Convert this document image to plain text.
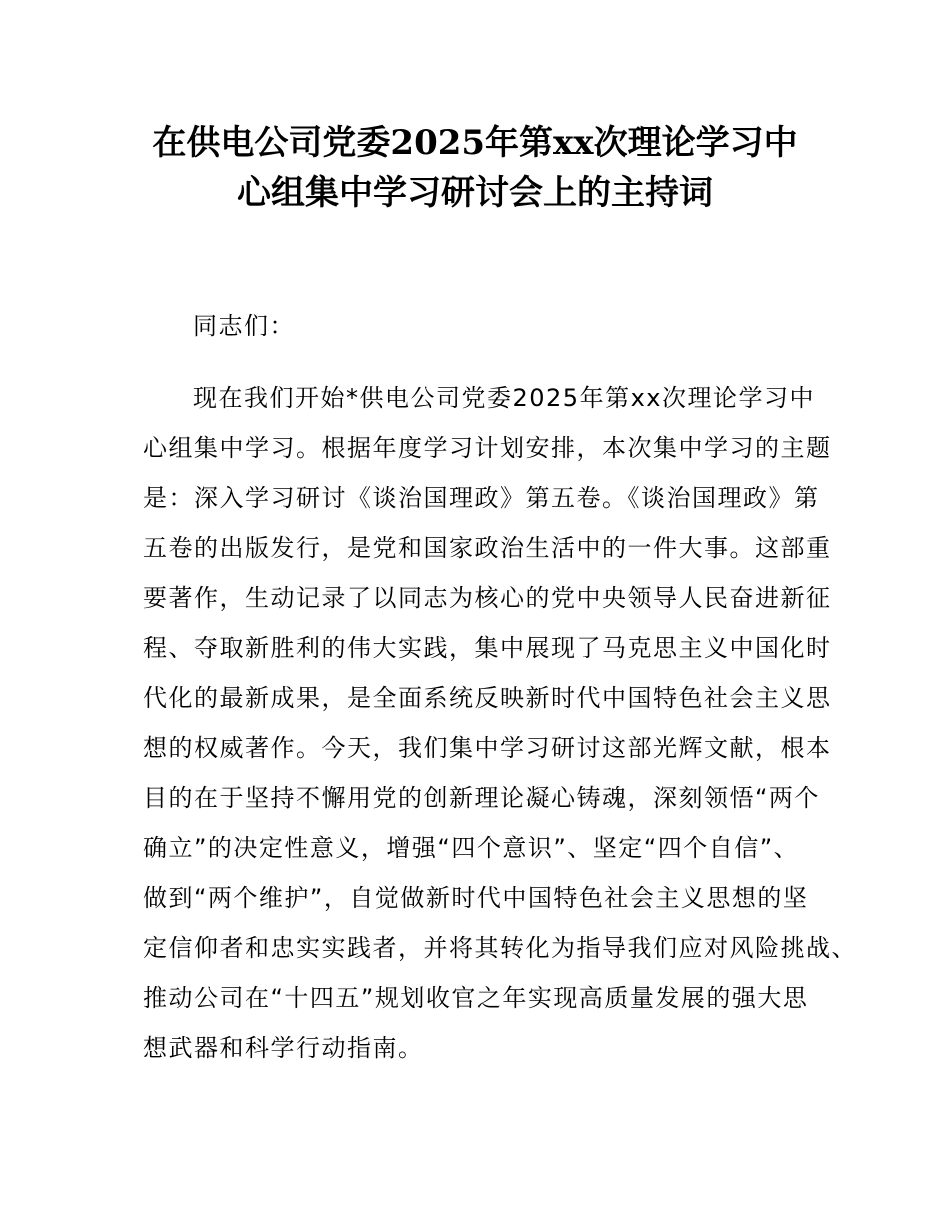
在供电公司党委2025年第xx次理论学习中
心组集中学习研讨会上的主持词
同志们：
现在我们开始*供电公司党委2025年第xx次理论学习中
心组集中学习。根据年度学习计划安排，本次集中学习的主题
是：深入学习研讨《谈治国理政》第五卷。《谈治国理政》第
五卷的出版发行，是党和国家政治生活中的一件大事。这部重
要著作，生动记录了以同志为核心的党中央领导人民奋进新征
程、夺取新胜利的伟大实践，集中展现了马克思主义中国化时
代化的最新成果，是全面系统反映新时代中国特色社会主义思
想的权威著作。今天，我们集中学习研讨这部光辉文献，根本
目的在于坚持不懈用党的创新理论凝心铸魂，深刻领悟“两个
确立”的决定性意义，增强“四个意识”、坚定“四个自信”、
做到“两个维护”，自觉做新时代中国特色社会主义思想的坚
定信仰者和忠实实践者，并将其转化为指导我们应对风险挑战、
推动公司在“十四五”规划收官之年实现高质量发展的强大思
想武器和科学行动指南。
